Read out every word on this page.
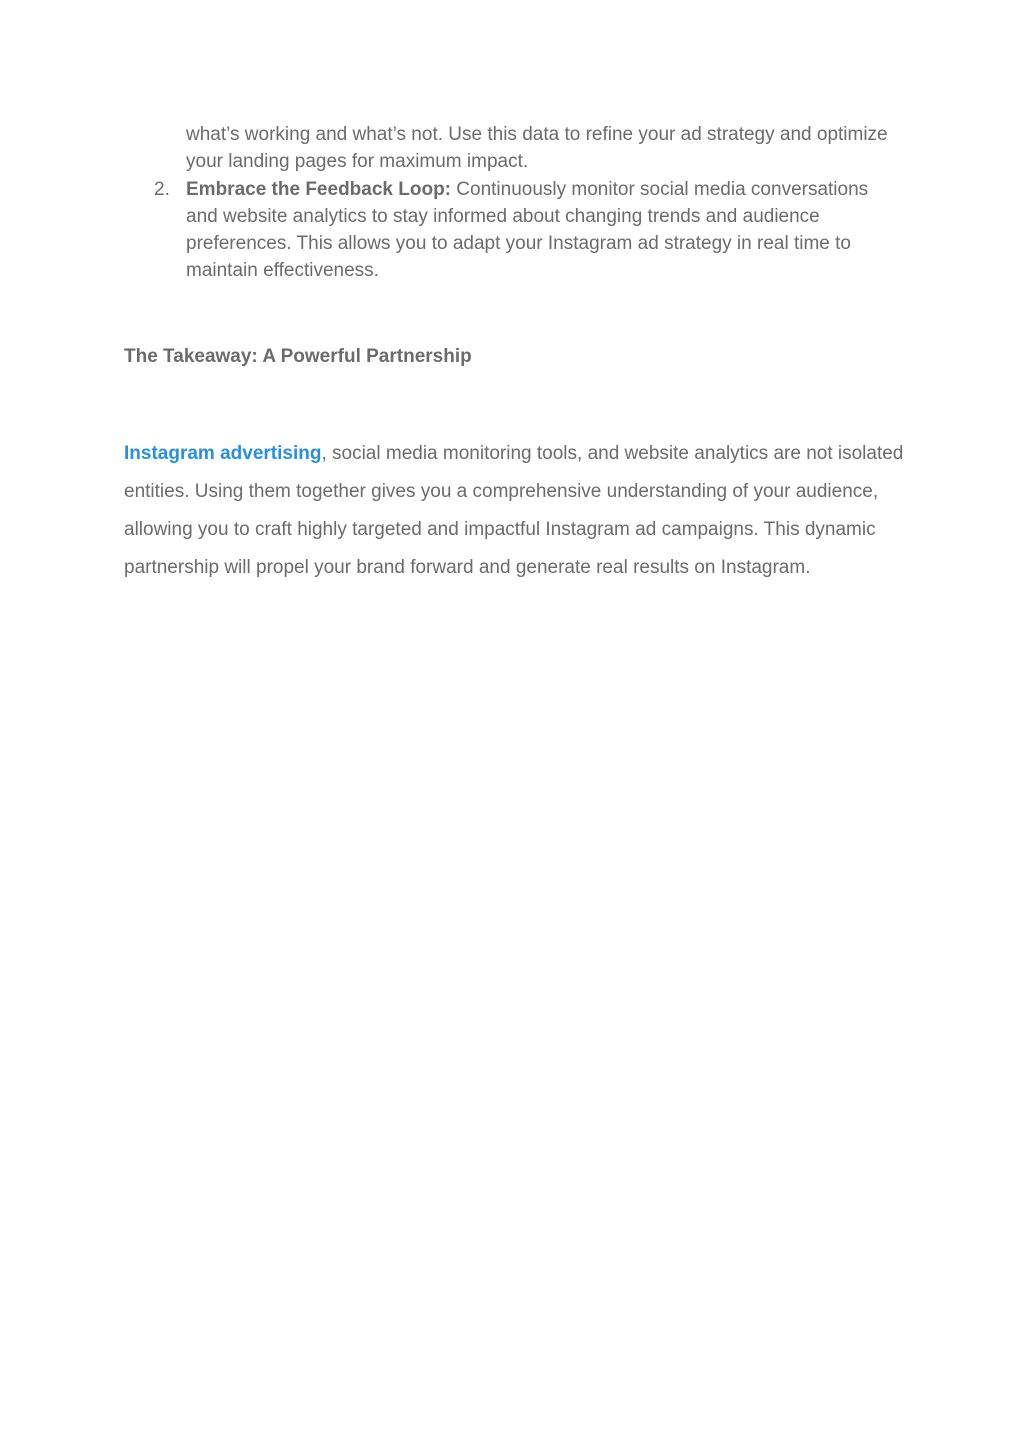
what’s working and what’s not. Use this data to refine your ad strategy and optimize your landing pages for maximum impact.
2. Embrace the Feedback Loop: Continuously monitor social media conversations and website analytics to stay informed about changing trends and audience preferences. This allows you to adapt your Instagram ad strategy in real time to maintain effectiveness.
The Takeaway: A Powerful Partnership
Instagram advertising, social media monitoring tools, and website analytics are not isolated entities. Using them together gives you a comprehensive understanding of your audience, allowing you to craft highly targeted and impactful Instagram ad campaigns. This dynamic partnership will propel your brand forward and generate real results on Instagram.
